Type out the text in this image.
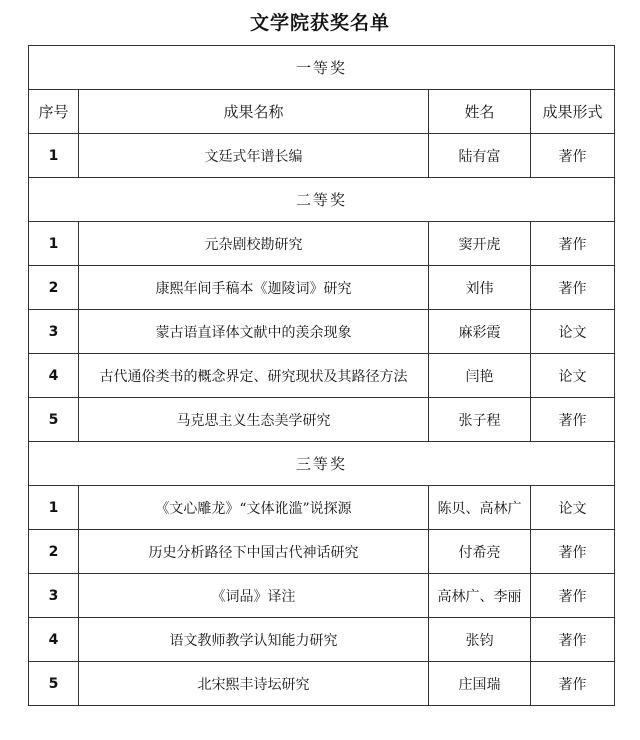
文学院获奖名单
一等奖			
序号	成果名称	姓名	成果形式
1	文廷式年谱长编	陆有富	著作
二等奖			
1	元杂剧校勘研究	窦开虎	著作
2	康熙年间手稿本《迦陵词》研究	刘伟	著作
3	蒙古语直译体文献中的羡余现象	麻彩霞	论文
4	古代通俗类书的概念界定、研究现状及其路径方法	闫艳	论文
5	马克思主义生态美学研究	张子程	著作
三等奖			
1	《文心雕龙》“文体讹滥”说探源	陈贝、高林广	论文
2	历史分析路径下中国古代神话研究	付希亮	著作
3	《词品》译注	高林广、李丽	著作
4	语文教师教学认知能力研究	张钧	著作
5	北宋熙丰诗坛研究	庄国瑞	著作
